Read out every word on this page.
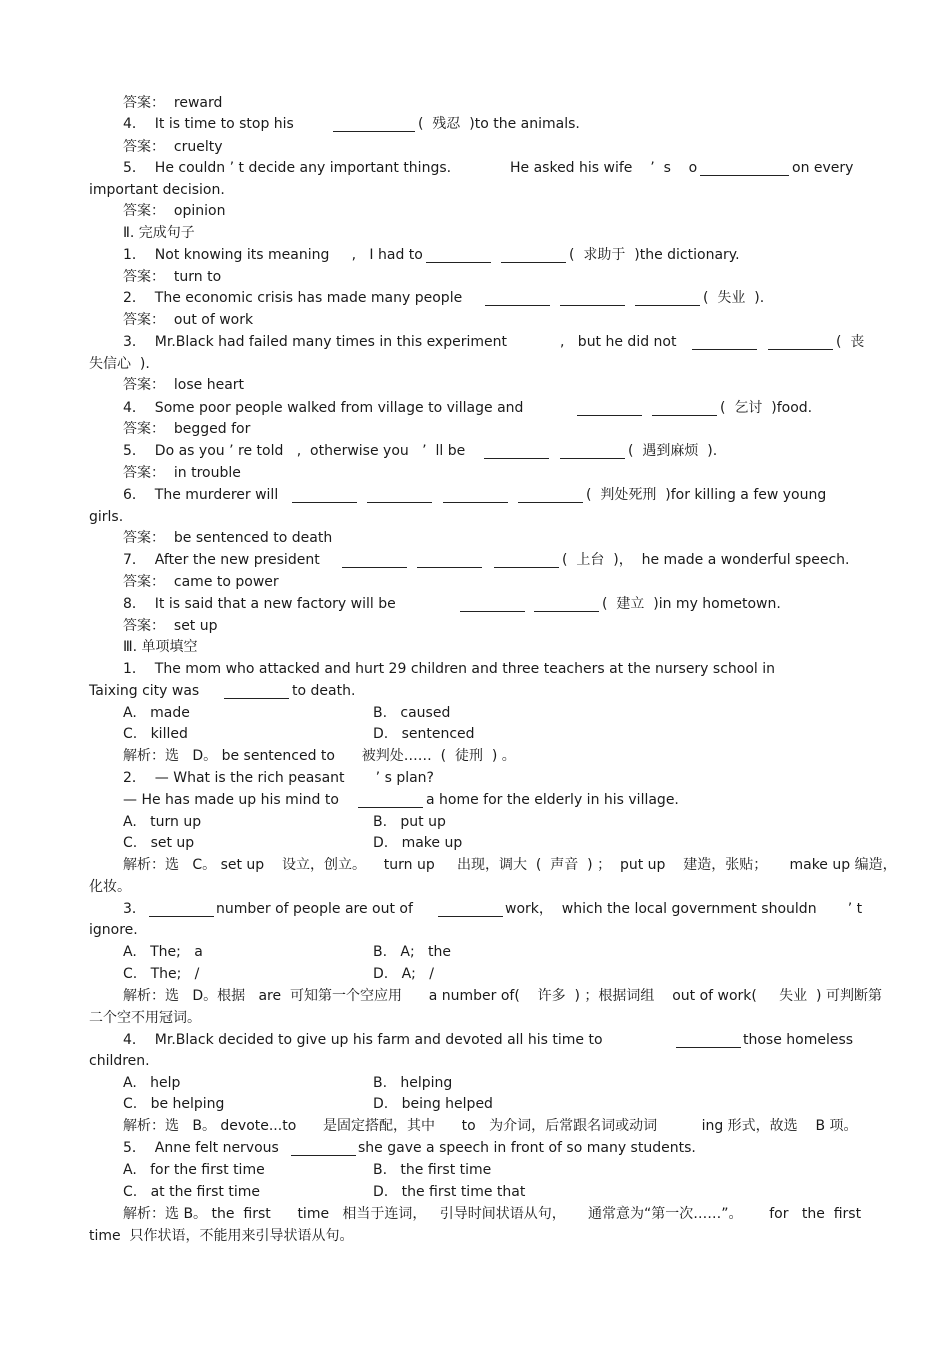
答案：  reward
4．  It is time to stop his	(  残忍  )to the animals.
答案：  cruelty
5．  He couldn ’ t decide any important things.	He asked his wife    ’  s    o	on every
important decision.
答案：  opinion
Ⅱ. 完成句子
1．  Not knowing its meaning     ,   I had to	(  求助于  )the dictionary.
答案：  turn to
2．  The economic crisis has made many people	(  失业  ).
答案：  out of work
3．  Mr.Black had failed many times in this experiment	,   but he did not	(  丧
失信心  ).
答案：  lose heart
4．  Some poor people walked from village to village and	(  乞讨  )food.
答案：  begged for
5．  Do as you ’ re told   ,  otherwise you   ’  ll be	(  遇到麻烦  ).
答案：  in trouble
6．  The murderer will	(  判处死刑  )for killing a few young
girls.
答案：  be sentenced to death
7．  After the new president	(  上台  )，  he made a wonderful speech.
答案：  came to power
8．  It is said that a new factory will be	(  建立  )in my hometown.
答案：  set up
Ⅲ. 单项填空
1．  The mom who attacked and hurt 29 children and three teachers at the nursery school in
Taixing city was	to death.
A.   made	B.   caused
C.   killed	D.   sentenced
解析：选   D。 be sentenced to      被判处……  (  徒刑  ) 。
2．  — What is the rich peasant       ’ s plan?
— He has made up his mind to	a home for the elderly in his village.
A.   turn up	B.   put up
C.   set up	D.   make up
解析：选   C。 set up    设立，创立。    turn up     出现，调大  (  声音  ) ；  put up    建造，张贴；     make up 编造，
化妆。
3．	number of people are out of	work，  which the local government shouldn       ’ t
ignore.
A.   The;   a	B.   A;   the
C.   The;   /	D.   A;   /
解析：选   D。根据   are  可知第一个空应用      a number of(    许多  ) ；根据词组    out of work(     失业  ) 可判断第
二个空不用冠词。
4．  Mr.Black decided to give up his farm and devoted all his time to	those homeless
children.
A.   help	B.   helping
C.   be helping	D.   being helped
解析：选   B。 devote...to      是固定搭配，其中      to   为介词，后常跟名词或动词          ing 形式，故选    B 项。
5．  Anne felt nervous	she gave a speech in front of so many students.
A.   for the first time	B.   the first time
C.   at the first time	D.   the first time that
解析：选 B。 the  first      time   相当于连词，   引导时间状语从句，     通常意为“第一次……”。      for   the  first
time  只作状语，不能用来引导状语从句。
